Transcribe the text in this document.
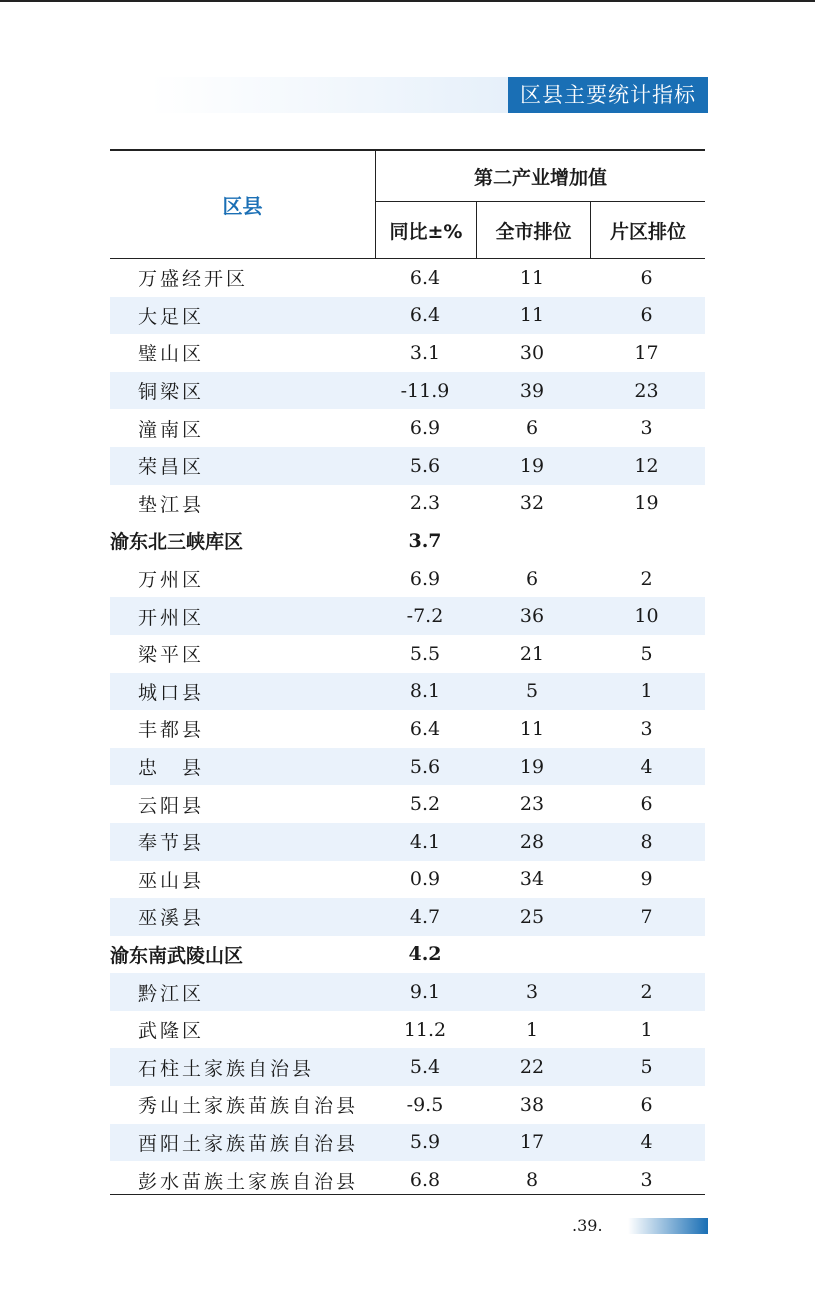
区县主要统计指标
区县
第二产业增加值
同比±%	全市排位	片区排位
万盛经开区	6.4	11	6
大足区	6.4	11	6
璧山区	3.1	30	17
铜梁区	-11.9	39	23
潼南区	6.9	6	3
荣昌区	5.6	19	12
垫江县	2.3	32	19
渝东北三峡库区	3.7
万州区	6.9	6	2
开州区	-7.2	36	10
梁平区	5.5	21	5
城口县	8.1	5	1
丰都县	6.4	11	3
忠　县	5.6	19	4
云阳县	5.2	23	6
奉节县	4.1	28	8
巫山县	0.9	34	9
巫溪县	4.7	25	7
渝东南武陵山区	4.2
黔江区	9.1	3	2
武隆区	11.2	1	1
石柱土家族自治县	5.4	22	5
秀山土家族苗族自治县	-9.5	38	6
酉阳土家族苗族自治县	5.9	17	4
彭水苗族土家族自治县	6.8	8	3
.39.
